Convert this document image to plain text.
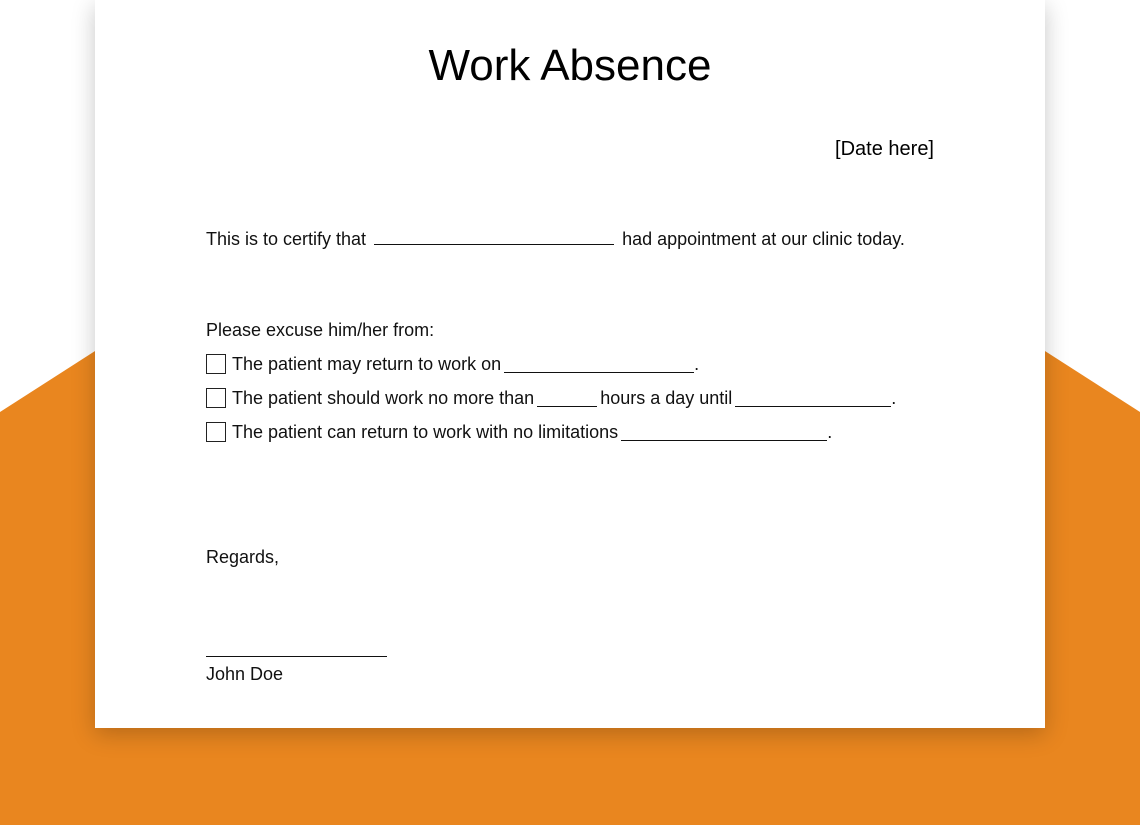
Work Absence
[Date here]
This is to certify that	had appointment at our clinic today.
Please excuse him/her from:
The patient may return to work on	.
The patient should work no more than	hours a day until	.
The patient can return to work with no limitations	.
Regards,
John Doe
